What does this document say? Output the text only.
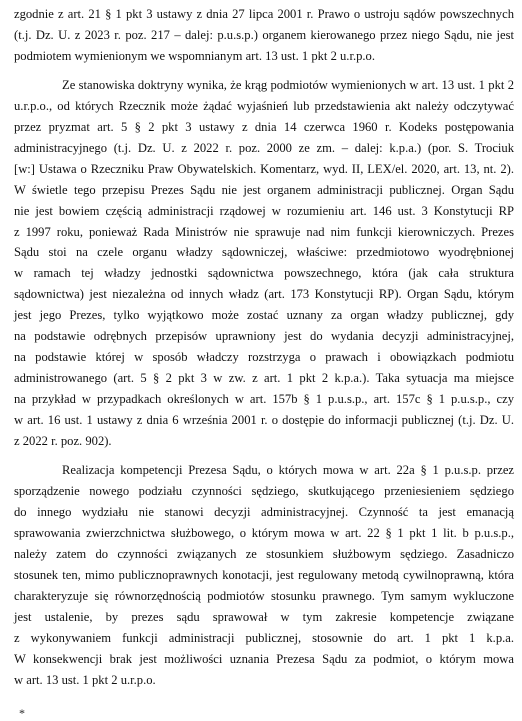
zgodnie z art. 21 § 1 pkt 3 ustawy z dnia 27 lipca 2001 r. Prawo o ustroju sądów powszechnych
(t.j. Dz. U. z 2023 r. poz. 217 – dalej: p.u.s.p.) organem kierowanego przez niego Sądu, nie jest
podmiotem wymienionym we wspomnianym art. 13 ust. 1 pkt 2 u.r.p.o.
Ze stanowiska doktryny wynika, że krąg podmiotów wymienionych w art. 13 ust. 1 pkt 2
u.r.p.o., od których Rzecznik może żądać wyjaśnień lub przedstawienia akt należy odczytywać
przez pryzmat art. 5 § 2 pkt 3 ustawy z dnia 14 czerwca 1960 r. Kodeks postępowania
administracyjnego (t.j. Dz. U. z 2022 r. poz. 2000 ze zm. – dalej: k.p.a.) (por. S. Trociuk
[w:] Ustawa o Rzeczniku Praw Obywatelskich. Komentarz, wyd. II, LEX/el. 2020, art. 13, nt. 2).
W świetle tego przepisu Prezes Sądu nie jest organem administracji publicznej. Organ Sądu
nie jest bowiem częścią administracji rządowej w rozumieniu art. 146 ust. 3 Konstytucji RP
z 1997 roku, ponieważ Rada Ministrów nie sprawuje nad nim funkcji kierowniczych. Prezes
Sądu stoi na czele organu władzy sądowniczej, właściwe: przedmiotowo wyodrębnionej
w ramach tej władzy jednostki sądownictwa powszechnego, która (jak cała struktura
sądownictwa) jest niezależna od innych władz (art. 173 Konstytucji RP). Organ Sądu, którym
jest jego Prezes, tylko wyjątkowo może zostać uznany za organ władzy publicznej, gdy
na podstawie odrębnych przepisów uprawniony jest do wydania decyzji administracyjnej,
na podstawie której w sposób władczy rozstrzyga o prawach i obowiązkach podmiotu
administrowanego (art. 5 § 2 pkt 3 w zw. z art. 1 pkt 2 k.p.a.). Taka sytuacja ma miejsce
na przykład w przypadkach określonych w art. 157b § 1 p.u.s.p., art. 157c § 1 p.u.s.p., czy
w art. 16 ust. 1 ustawy z dnia 6 września 2001 r. o dostępie do informacji publicznej (t.j. Dz. U.
z 2022 r. poz. 902).
Realizacja kompetencji Prezesa Sądu, o których mowa w art. 22a § 1 p.u.s.p. przez
sporządzenie nowego podziału czynności sędziego, skutkującego przeniesieniem sędziego
do innego wydziału nie stanowi decyzji administracyjnej. Czynność ta jest emanacją
sprawowania zwierzchnictwa służbowego, o którym mowa w art. 22 § 1 pkt 1 lit. b p.u.s.p.,
należy zatem do czynności związanych ze stosunkiem służbowym sędziego. Zasadniczo
stosunek ten, mimo publicznoprawnych konotacji, jest regulowany metodą cywilnoprawną, która
charakteryzuje się równorzędnością podmiotów stosunku prawnego. Tym samym wykluczone
jest ustalenie, by prezes sądu sprawował w tym zakresie kompetencje związane
z wykonywaniem funkcji administracji publicznej, stosownie do art. 1 pkt 1 k.p.a.
W konsekwencji brak jest możliwości uznania Prezesa Sądu za podmiot, o którym mowa
w art. 13 ust. 1 pkt 2 u.r.p.o.
*
